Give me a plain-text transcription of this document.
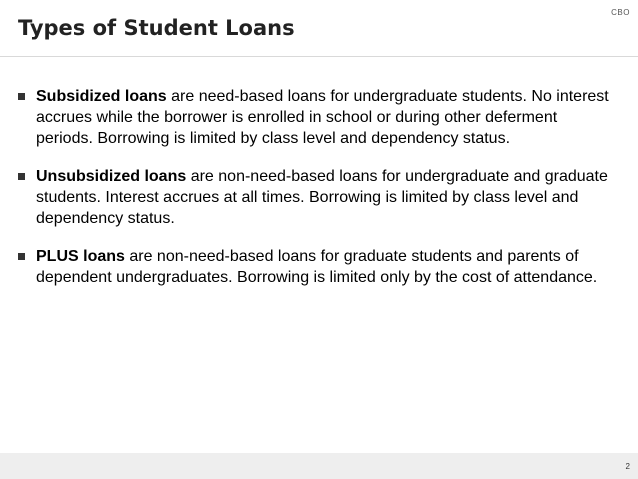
CBO
Types of Student Loans
Subsidized loans are need-based loans for undergraduate students. No interest accrues while the borrower is enrolled in school or during other deferment periods. Borrowing is limited by class level and dependency status.
Unsubsidized loans are non-need-based loans for undergraduate and graduate students. Interest accrues at all times. Borrowing is limited by class level and dependency status.
PLUS loans are non-need-based loans for graduate students and parents of dependent undergraduates. Borrowing is limited only by the cost of attendance.
2
